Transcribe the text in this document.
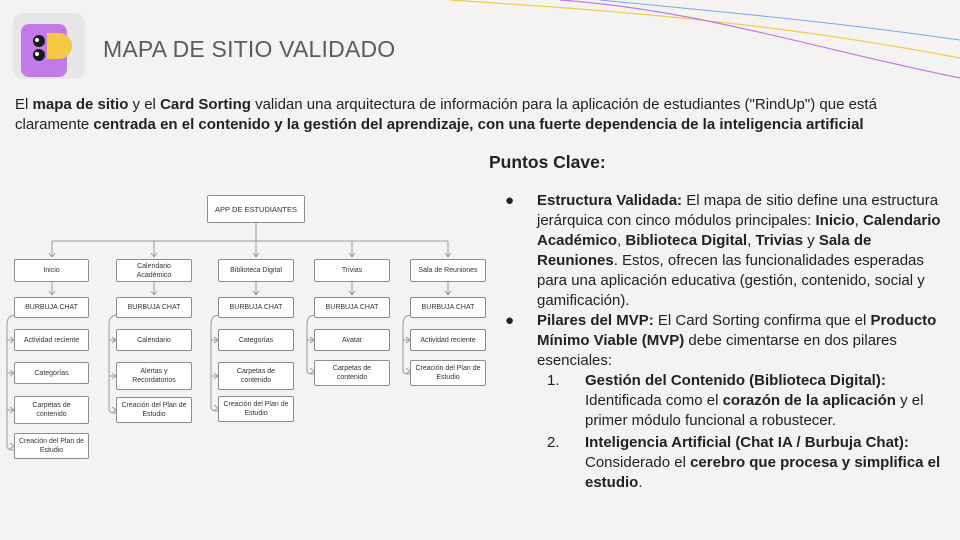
MAPA DE SITIO VALIDADO
El mapa de sitio y el Card Sorting validan una arquitectura de información para la aplicación de estudiantes ("RindUp") que está claramente centrada en el contenido y la gestión del aprendizaje, con una fuerte dependencia de la inteligencia artificial
APP DE ESTUDIANTES
Inicio
BURBUJA CHAT
Actividad reciente
Categorías
Carpetas de contenido
Creación del Plan de Estudio
Calendario Académico
BURBUJA CHAT
Calendario
Alertas y Recordatorios
Creación del Plan de Estudio
Biblioteca Digital
BURBUJA CHAT
Categorías
Carpetas de contenido
Creación del Plan de Estudio
Trivias
BURBUJA CHAT
Avatar
Carpetas de contenido
Sala de Reuniones
BURBUJA CHAT
Actividad reciente
Creación del Plan de Estudio
Puntos Clave:
● Estructura Validada: El mapa de sitio define una estructura jerárquica con cinco módulos principales: Inicio, Calendario Académico, Biblioteca Digital, Trivias y Sala de Reuniones. Estos, ofrecen las funcionalidades esperadas para una aplicación educativa (gestión, contenido, social y gamificación).
● Pilares del MVP: El Card Sorting confirma que el Producto Mínimo Viable (MVP) debe cimentarse en dos pilares esenciales:
1. Gestión del Contenido (Biblioteca Digital): Identificada como el corazón de la aplicación y el primer módulo funcional a robustecer.
2. Inteligencia Artificial (Chat IA / Burbuja Chat): Considerado el cerebro que procesa y simplifica el estudio.
